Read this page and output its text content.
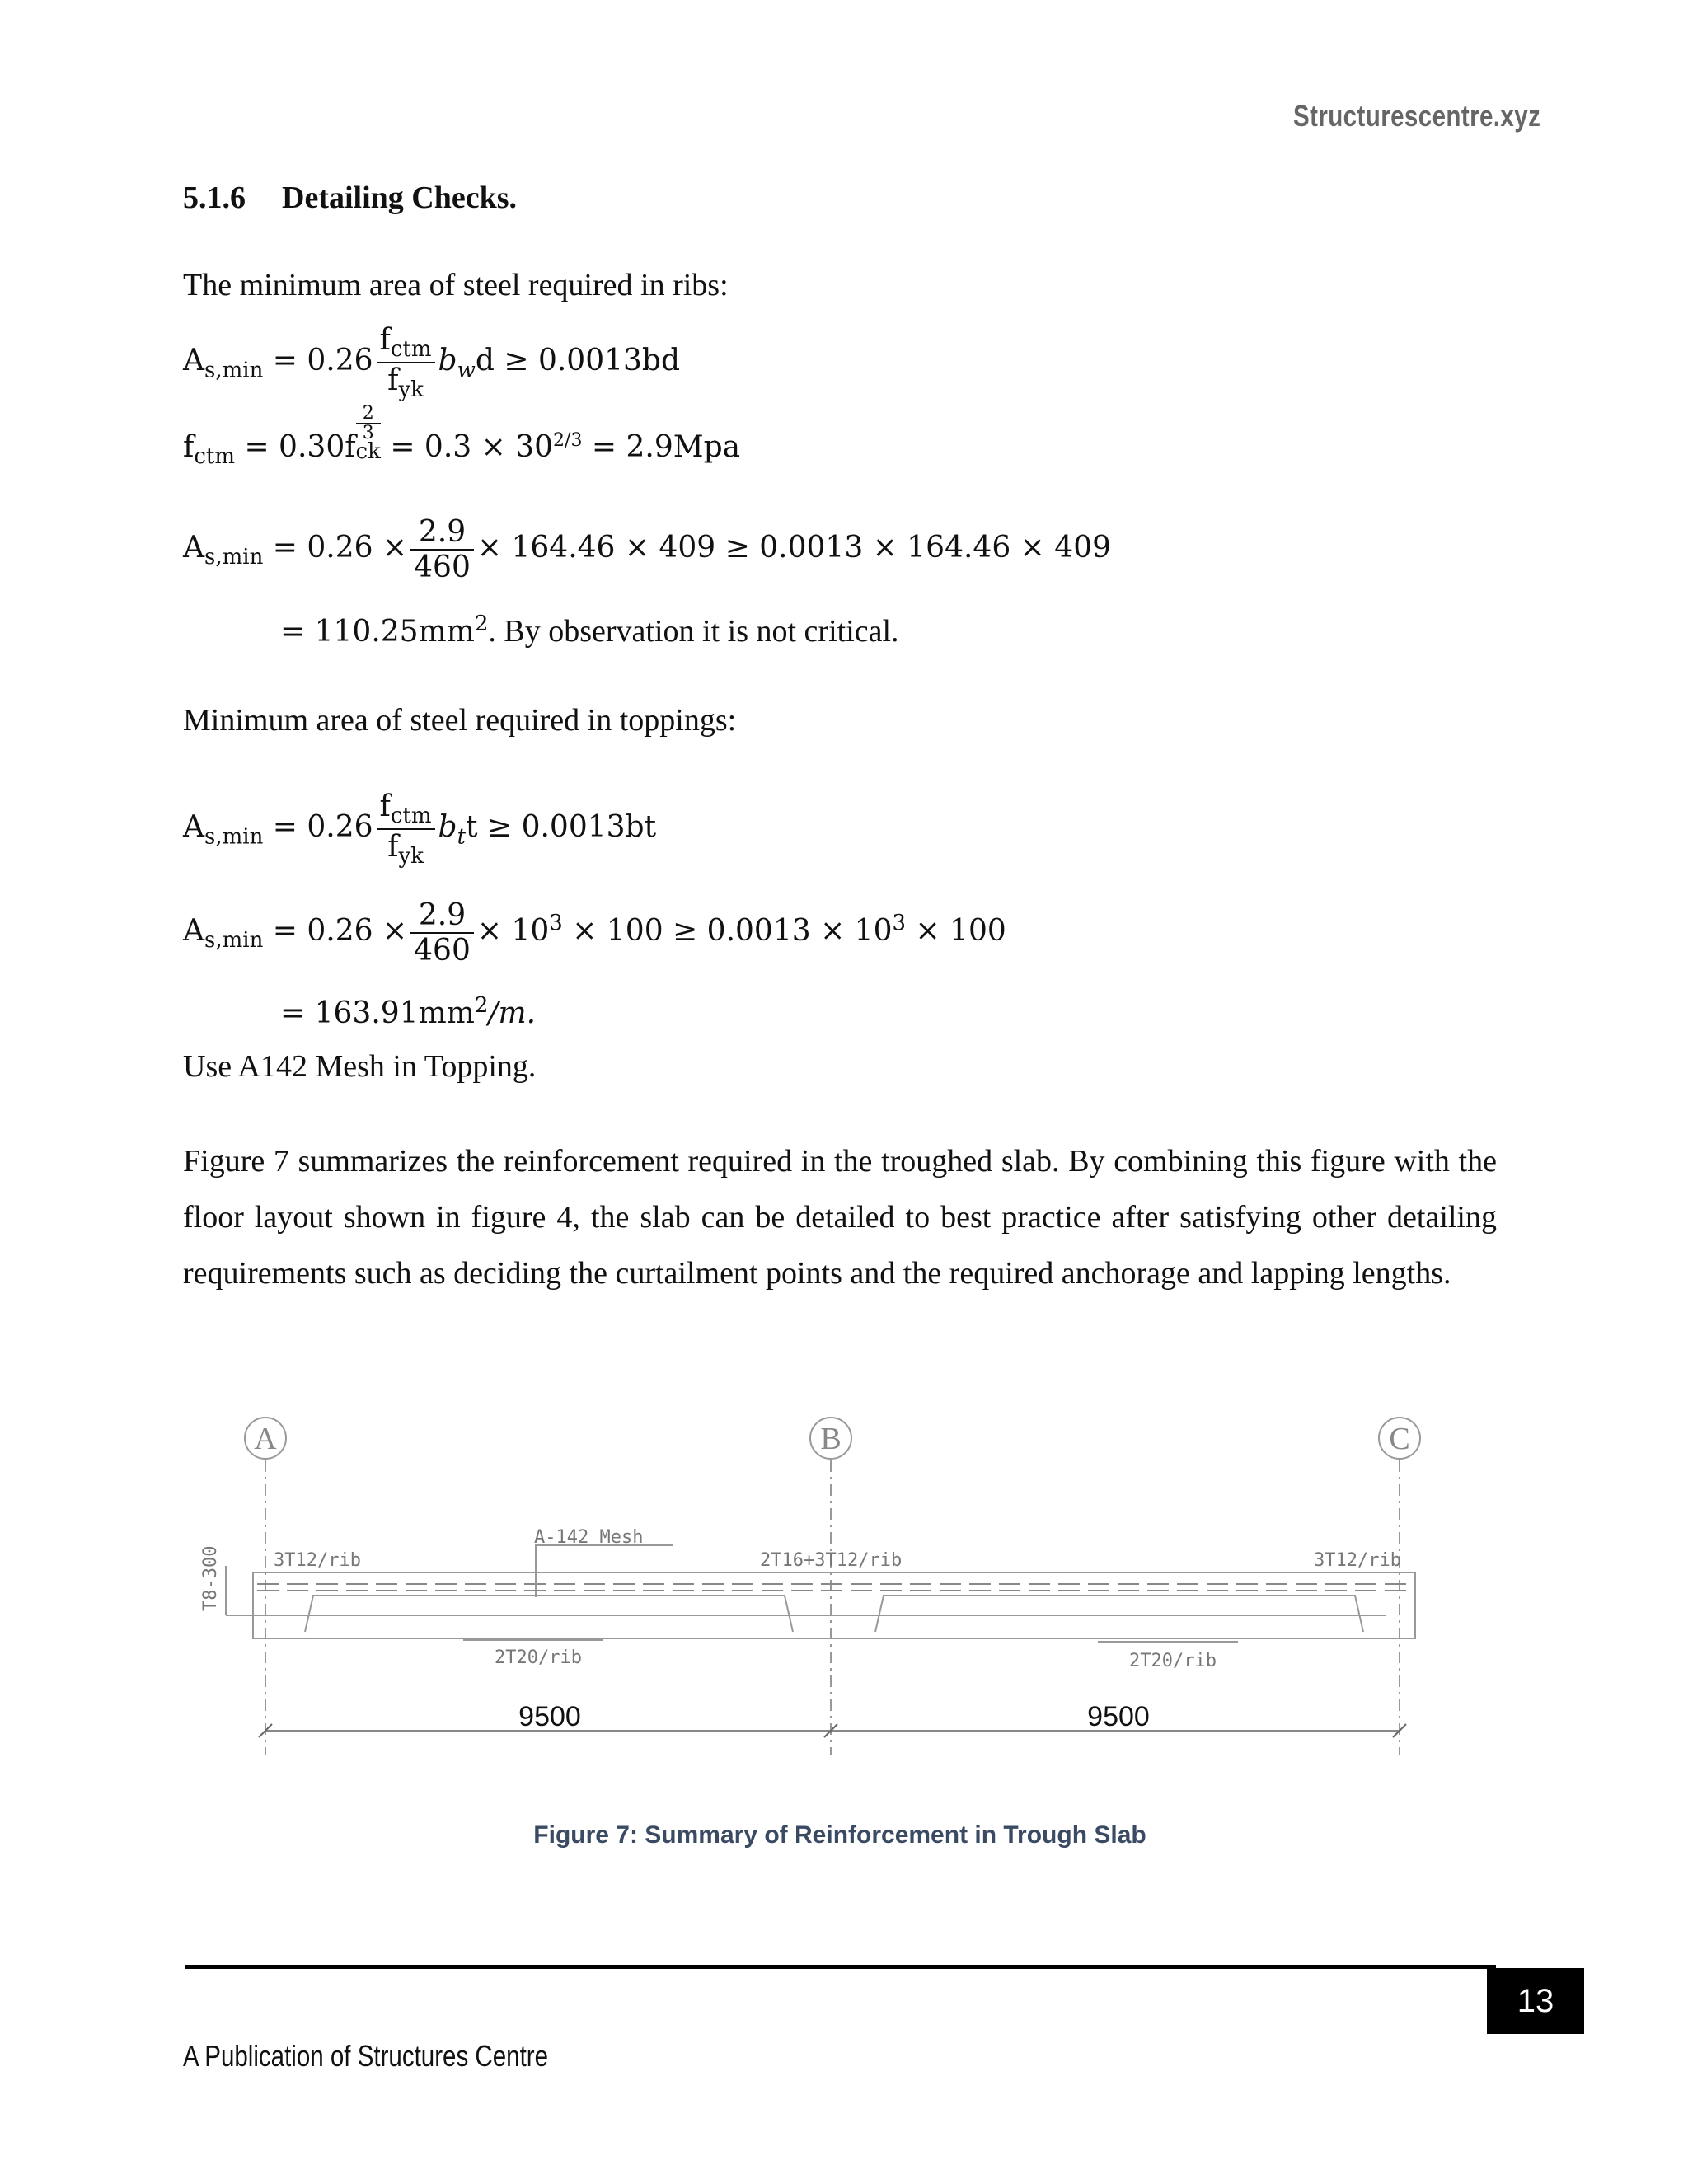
Structurescentre.xyz
5.1.6 Detailing Checks.
The minimum area of steel required in ribs:
$A_{s,min} = 0.26 \frac{f_{ctm}}{f_{yk}} b_wd \ge 0.0013bd$
$f_{ctm} = 0.30f$
2
3
ck = $0.3 \times 30^{2/3} = 2.9Mpa$
$A_{s,min} = 0.26 \times \frac{2.9}{460} \times 164.46 \times 409 \ge 0.0013 \times 164.46 \times 409$
= $110.25mm^2$. By observation it is not critical.
Minimum area of steel required in toppings:
$A_{s,min} = 0.26 \frac{f_{ctm}}{f_{yk}} b_tt \ge 0.0013bt$
$A_{s,min} = 0.26 \times \frac{2.9}{460} \times 10^3 \times 100 \ge 0.0013 \times 10^3 \times 100$
= $163.91mm^2/m$.
Use A142 Mesh in Topping.
Figure 7 summarizes the reinforcement required in the troughed slab. By combining this figure with the floor layout shown in figure 4, the slab can be detailed to best practice after satisfying other detailing requirements such as deciding the curtailment points and the required anchorage and lapping lengths.
A	B	C
T8-300	3T12/rib
A-142 Mesh
2T16+3T12/rib	3T12/rib
2T20/rib	2T20/rib
9500	9500
Figure 7: Summary of Reinforcement in Trough Slab
13
A Publication of Structures Centre
